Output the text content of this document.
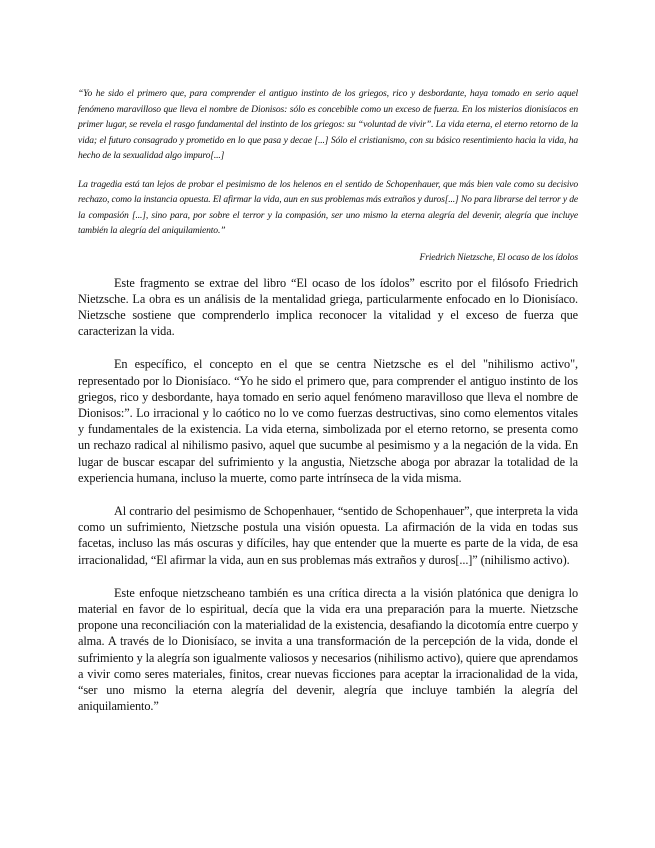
“Yo he sido el primero que, para comprender el antiguo instinto de los griegos, rico y desbordante, haya tomado en serio aquel fenómeno maravilloso que lleva el nombre de Dionisos: sólo es concebible como un exceso de fuerza. En los misterios dionisíacos en primer lugar, se revela el rasgo fundamental del instinto de los griegos: su “voluntad de vivir”. La vida eterna, el eterno retorno de la vida; el futuro consagrado y prometido en lo que pasa y decae [...] Sólo el cristianismo, con su básico resentimiento hacia la vida, ha hecho de la sexualidad algo impuro[...]

La tragedia está tan lejos de probar el pesimismo de los helenos en el sentido de Schopenhauer, que más bien vale como su decisivo rechazo, como la instancia opuesta. El afirmar la vida, aun en sus problemas más extraños y duros[...] No para librarse del terror y de la compasión [...], sino para, por sobre el terror y la compasión, ser uno mismo la eterna alegría del devenir, alegría que incluye también la alegría del aniquilamiento.”

Friedrich Nietzsche, El ocaso de los ídolos

Este fragmento se extrae del libro “El ocaso de los ídolos” escrito por el filósofo Friedrich Nietzsche. La obra es un análisis de la mentalidad griega, particularmente enfocado en lo Dionisíaco. Nietzsche sostiene que comprenderlo implica reconocer la vitalidad y el exceso de fuerza que caracterizan la vida.

En específico, el concepto en el que se centra Nietzsche es el del "nihilismo activo", representado por lo Dionisíaco. “Yo he sido el primero que, para comprender el antiguo instinto de los griegos, rico y desbordante, haya tomado en serio aquel fenómeno maravilloso que lleva el nombre de Dionisos:”. Lo irracional y lo caótico no lo ve como fuerzas destructivas, sino como elementos vitales y fundamentales de la existencia. La vida eterna, simbolizada por el eterno retorno, se presenta como un rechazo radical al nihilismo pasivo, aquel que sucumbe al pesimismo y a la negación de la vida. En lugar de buscar escapar del sufrimiento y la angustia, Nietzsche aboga por abrazar la totalidad de la experiencia humana, incluso la muerte, como parte intrínseca de la vida misma.

Al contrario del pesimismo de Schopenhauer, “sentido de Schopenhauer”, que interpreta la vida como un sufrimiento, Nietzsche postula una visión opuesta. La afirmación de la vida en todas sus facetas, incluso las más oscuras y difíciles, hay que entender que la muerte es parte de la vida, de esa irracionalidad, “El afirmar la vida, aun en sus problemas más extraños y duros[...]” (nihilismo activo).

Este enfoque nietzscheano también es una crítica directa a la visión platónica que denigra lo material en favor de lo espiritual, decía que la vida era una preparación para la muerte. Nietzsche propone una reconciliación con la materialidad de la existencia, desafiando la dicotomía entre cuerpo y alma. A través de lo Dionisíaco, se invita a una transformación de la percepción de la vida, donde el sufrimiento y la alegría son igualmente valiosos y necesarios (nihilismo activo), quiere que aprendamos a vivir como seres materiales, finitos, crear nuevas ficciones para aceptar la irracionalidad de la vida, “ser uno mismo la eterna alegría del devenir, alegría que incluye también la alegría del aniquilamiento.”
